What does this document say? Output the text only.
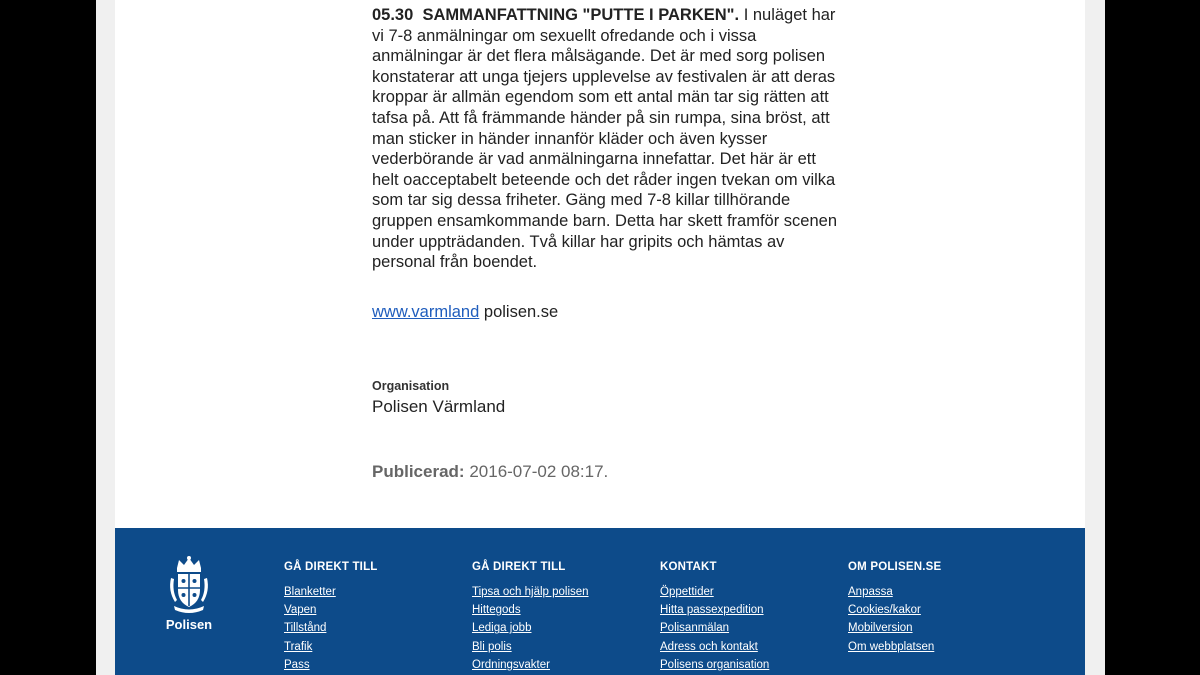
05.30 SAMMANFATTNING "PUTTE I PARKEN". I nuläget har vi 7-8 anmälningar om sexuellt ofredande och i vissa anmälningar är det flera målsägande. Det är med sorg polisen konstaterar att unga tjejers upplevelse av festivalen är att deras kroppar är allmän egendom som ett antal män tar sig rätten att tafsa på. Att få främmande händer på sin rumpa, sina bröst, att man sticker in händer innanför kläder och även kysser vederbörande är vad anmälningarna innefattar. Det här är ett helt oacceptabelt beteende och det råder ingen tvekan om vilka som tar sig dessa friheter. Gäng med 7-8 killar tillhörande gruppen ensamkommande barn. Detta har skett framför scenen under uppträdanden. Två killar har gripits och hämtas av personal från boendet.

www.varmland polisen.se
Organisation
Polisen Värmland
Publicerad: 2016-07-02 08:17.
Polisen
GÅ DIREKT TILL
Blanketter
Vapen
Tillstånd
Trafik
Pass
GÅ DIREKT TILL
Tipsa och hjälp polisen
Hittegods
Lediga jobb
Bli polis
Ordningsvakter
KONTAKT
Öppettider
Hitta passexpedition
Polisanmälan
Adress och kontakt
Polisens organisation
OM POLISEN.SE
Anpassa
Cookies/kakor
Mobilversion
Om webbplatsen
